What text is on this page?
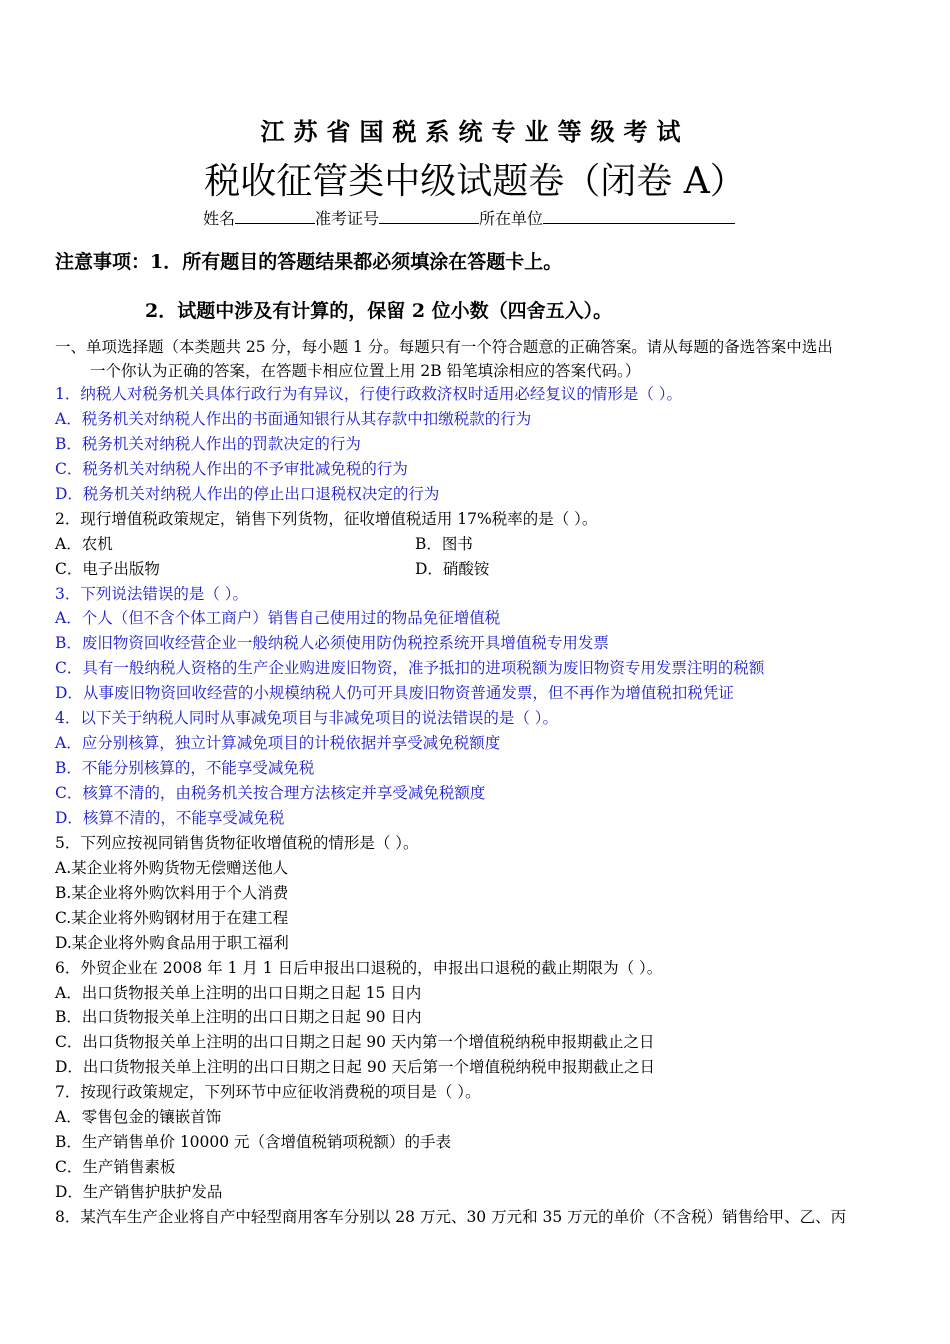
江苏省国税系统专业等级考试
税收征管类中级试题卷（闭卷 A）
姓名	准考证号	所在单位
注意事项：1．所有题目的答题结果都必须填涂在答题卡上。
2．试题中涉及有计算的，保留 2 位小数（四舍五入）。
一、单项选择题（本类题共 25 分，每小题 1 分。每题只有一个符合题意的正确答案。请从每题的备选答案中选出
一个你认为正确的答案，在答题卡相应位置上用 2B 铅笔填涂相应的答案代码。）
1．纳税人对税务机关具体行政行为有异议，行使行政救济权时适用必经复议的情形是（ ）。
A．税务机关对纳税人作出的书面通知银行从其存款中扣缴税款的行为
B．税务机关对纳税人作出的罚款决定的行为
C．税务机关对纳税人作出的不予审批减免税的行为
D．税务机关对纳税人作出的停止出口退税权决定的行为
2．现行增值税政策规定，销售下列货物，征收增值税适用 17%税率的是（ ）。
A．农机	B．图书
C．电子出版物	D．硝酸铵
3．下列说法错误的是（ ）。
A．个人（但不含个体工商户）销售自己使用过的物品免征增值税
B．废旧物资回收经营企业一般纳税人必须使用防伪税控系统开具增值税专用发票
C．具有一般纳税人资格的生产企业购进废旧物资，准予抵扣的进项税额为废旧物资专用发票注明的税额
D．从事废旧物资回收经营的小规模纳税人仍可开具废旧物资普通发票，但不再作为增值税扣税凭证
4．以下关于纳税人同时从事减免项目与非减免项目的说法错误的是（ ）。
A．应分别核算，独立计算减免项目的计税依据并享受减免税额度
B．不能分别核算的，不能享受减免税
C．核算不清的，由税务机关按合理方法核定并享受减免税额度
D．核算不清的，不能享受减免税
5．下列应按视同销售货物征收增值税的情形是（ ）。
A.某企业将外购货物无偿赠送他人
B.某企业将外购饮料用于个人消费
C.某企业将外购钢材用于在建工程
D.某企业将外购食品用于职工福利
6．外贸企业在 2008 年 1 月 1 日后申报出口退税的，申报出口退税的截止期限为（ ）。
A．出口货物报关单上注明的出口日期之日起 15 日内
B．出口货物报关单上注明的出口日期之日起 90 日内
C．出口货物报关单上注明的出口日期之日起 90 天内第一个增值税纳税申报期截止之日
D．出口货物报关单上注明的出口日期之日起 90 天后第一个增值税纳税申报期截止之日
7．按现行政策规定，下列环节中应征收消费税的项目是（ ）。
A．零售包金的镶嵌首饰
B．生产销售单价 10000 元（含增值税销项税额）的手表
C．生产销售素板
D．生产销售护肤护发品
8．某汽车生产企业将自产中轻型商用客车分别以 28 万元、30 万元和 35 万元的单价（不含税）销售给甲、乙、丙
